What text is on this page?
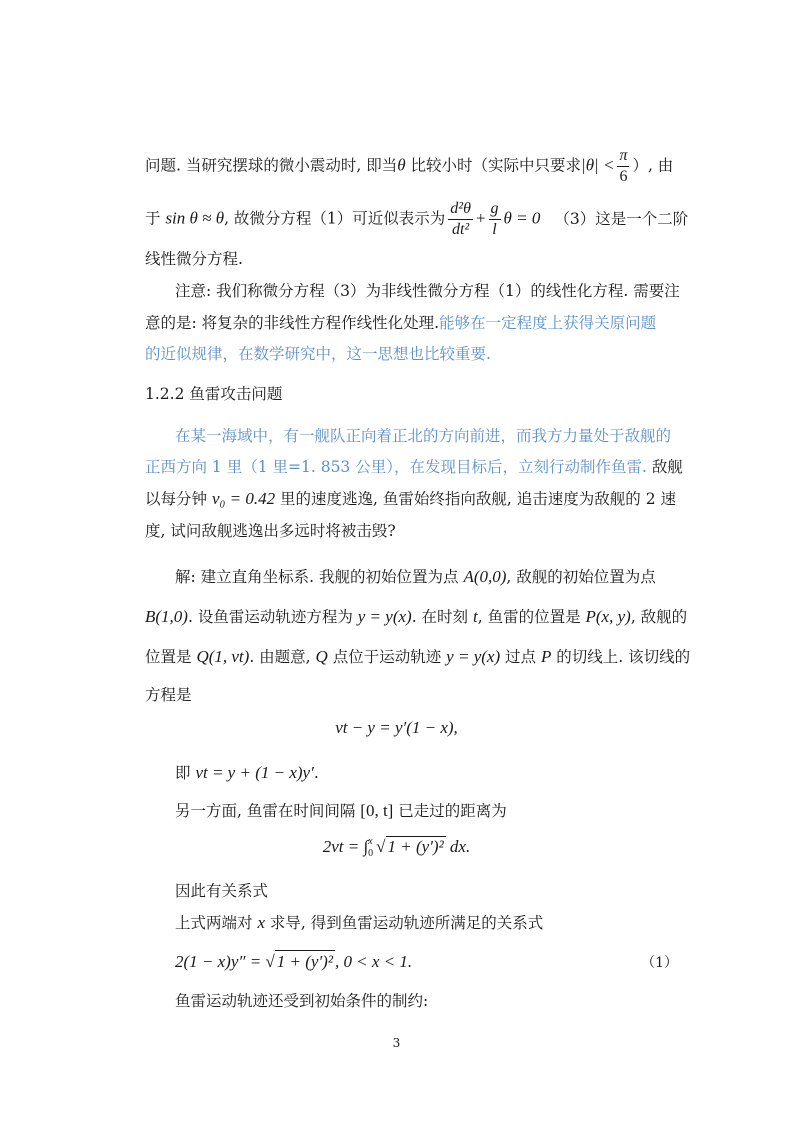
问题. 当研究摆球的微小震动时, 即当θ 比较小时（实际中只要求$|\theta| < \frac{\pi}{6}$ ）, 由
于 sin θ ≈ θ, 故微分方程（1）可近似表示为 $\frac{\text{d²θ}}{\text{dt²}} + \frac{g}{l}$ θ = 0 （3）这是一个二阶
线性微分方程.
注意: 我们称微分方程（3）为非线性微分方程（1）的线性化方程. 需要注
意的是: 将复杂的非线性方程作线性化处理.能够在一定程度上获得关原问题
的近似规律，在数学研究中，这一思想也比较重要.
1.2.2 鱼雷攻击问题
在某一海域中，有一舰队正向着正北的方向前进，而我方力量处于敌舰的
正西方向 1 里（1 里=1. 853 公里），在发现目标后，立刻行动制作鱼雷. 敌舰
以每分钟 v₀ = 0.42 里的速度逃逸, 鱼雷始终指向敌舰, 追击速度为敌舰的 2 速
度, 试问敌舰逃逸出多远时将被击毁?
解: 建立直角坐标系. 我舰的初始位置为点 A(0,0), 敌舰的初始位置为点
B(1,0). 设鱼雷运动轨迹方程为 y = y(x). 在时刻 t, 鱼雷的位置是 P(x, y), 敌舰的
位置是 Q(1, vt). 由题意, Q 点位于运动轨迹 y = y(x) 过点 P 的切线上. 该切线的
方程是
vt − y = y′(1 − x),
即 vt = y + (1 − x)y′.
另一方面, 鱼雷在时间间隔 [0, t] 已走过的距离为
2vt = ∫ x
0 √ 1 + (y′)² dx.
因此有关系式
上式两端对 x 求导, 得到鱼雷运动轨迹所满足的关系式
2(1 − x)y″ = √ 1 + (y′)² , 0 < x < 1.	（1）
鱼雷运动轨迹还受到初始条件的制约:
3
